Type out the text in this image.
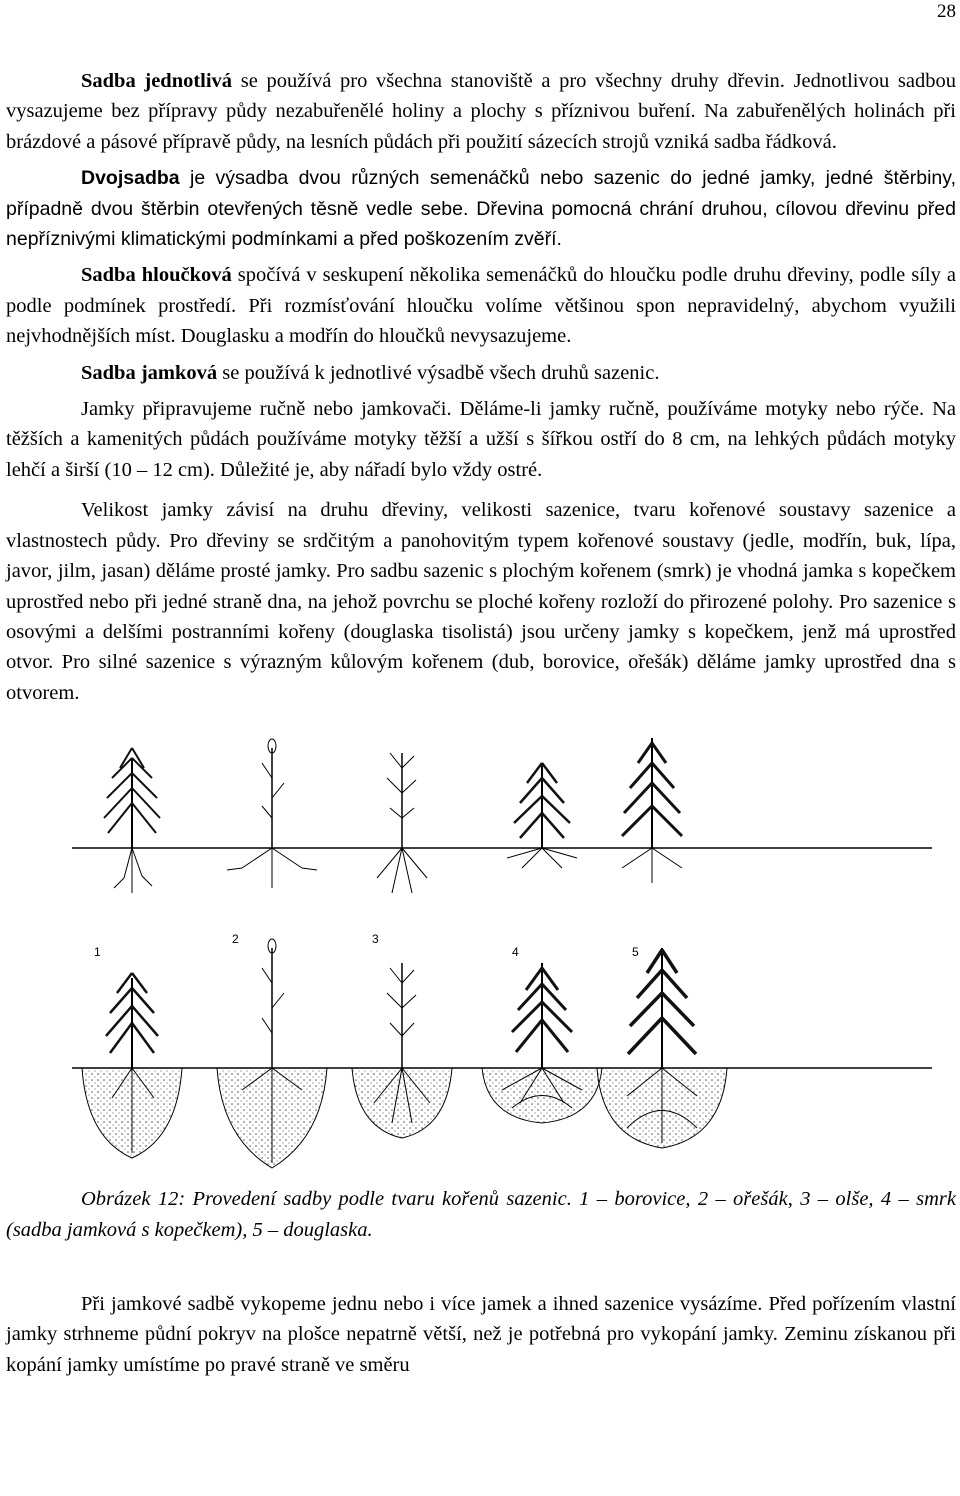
28

Sadba jednotlivá se používá pro všechna stanoviště a pro všechny druhy dřevin. Jednotlivou sadbou vysazujeme bez přípravy půdy nezabuřenělé holiny a plochy s příznivou buření. Na zabuřenělých holinách při brázdové a pásové přípravě půdy, na lesních půdách při použití sázecích strojů vzniká sadba řádková.

Dvojsadba je výsadba dvou různých semenáčků nebo sazenic do jedné jamky, jedné štěrbiny, případně dvou štěrbin otevřených těsně vedle sebe. Dřevina pomocná chrání druhou, cílovou dřevinu před nepříznivými klimatickými podmínkami a před poškozením zvěří.

Sadba hloučková spočívá v seskupení několika semenáčků do hloučku podle druhu dřeviny, podle síly a podle podmínek prostředí. Při rozmísťování hloučku volíme většinou spon nepravidelný, abychom využili nejvhodnějších míst. Douglasku a modřín do hloučků nevysazujeme.

Sadba jamková se používá k jednotlivé výsadbě všech druhů sazenic.

Jamky připravujeme ručně nebo jamkovači. Děláme-li jamky ručně, používáme motyky nebo rýče. Na těžších a kamenitých půdách používáme motyky těžší a užší s šířkou ostří do 8 cm, na lehkých půdách motyky lehčí a širší (10 – 12 cm). Důležité je, aby nářadí bylo vždy ostré.

Velikost jamky závisí na druhu dřeviny, velikosti sazenice, tvaru kořenové soustavy sazenice a vlastnostech půdy. Pro dřeviny se srdčitým a panohovitým typem kořenové soustavy (jedle, modřín, buk, lípa, javor, jilm, jasan) děláme prosté jamky. Pro sadbu sazenic s plochým kořenem (smrk) je vhodná jamka s kopečkem uprostřed nebo při jedné straně dna, na jehož povrchu se ploché kořeny rozloží do přirozené polohy. Pro sazenice s osovými a delšími postranními kořeny (douglaska tisolistá) jsou určeny jamky s kopečkem, jenž má uprostřed otvor. Pro silné sazenice s výrazným kůlovým kořenem (dub, borovice, ořešák) děláme jamky uprostřed dna s otvorem.

1
2	3
4	5

Obrázek 12: Provedení sadby podle tvaru kořenů sazenic. 1 – borovice, 2 – ořešák, 3 – olše, 4 – smrk (sadba jamková s kopečkem), 5 – douglaska.

Při jamkové sadbě vykopeme jednu nebo i více jamek a ihned sazenice vysázíme. Před pořízením vlastní jamky strhneme půdní pokryv na plošce nepatrně větší, než je potřebná pro vykopání jamky. Zeminu získanou při kopání jamky umístíme po pravé straně ve směru
